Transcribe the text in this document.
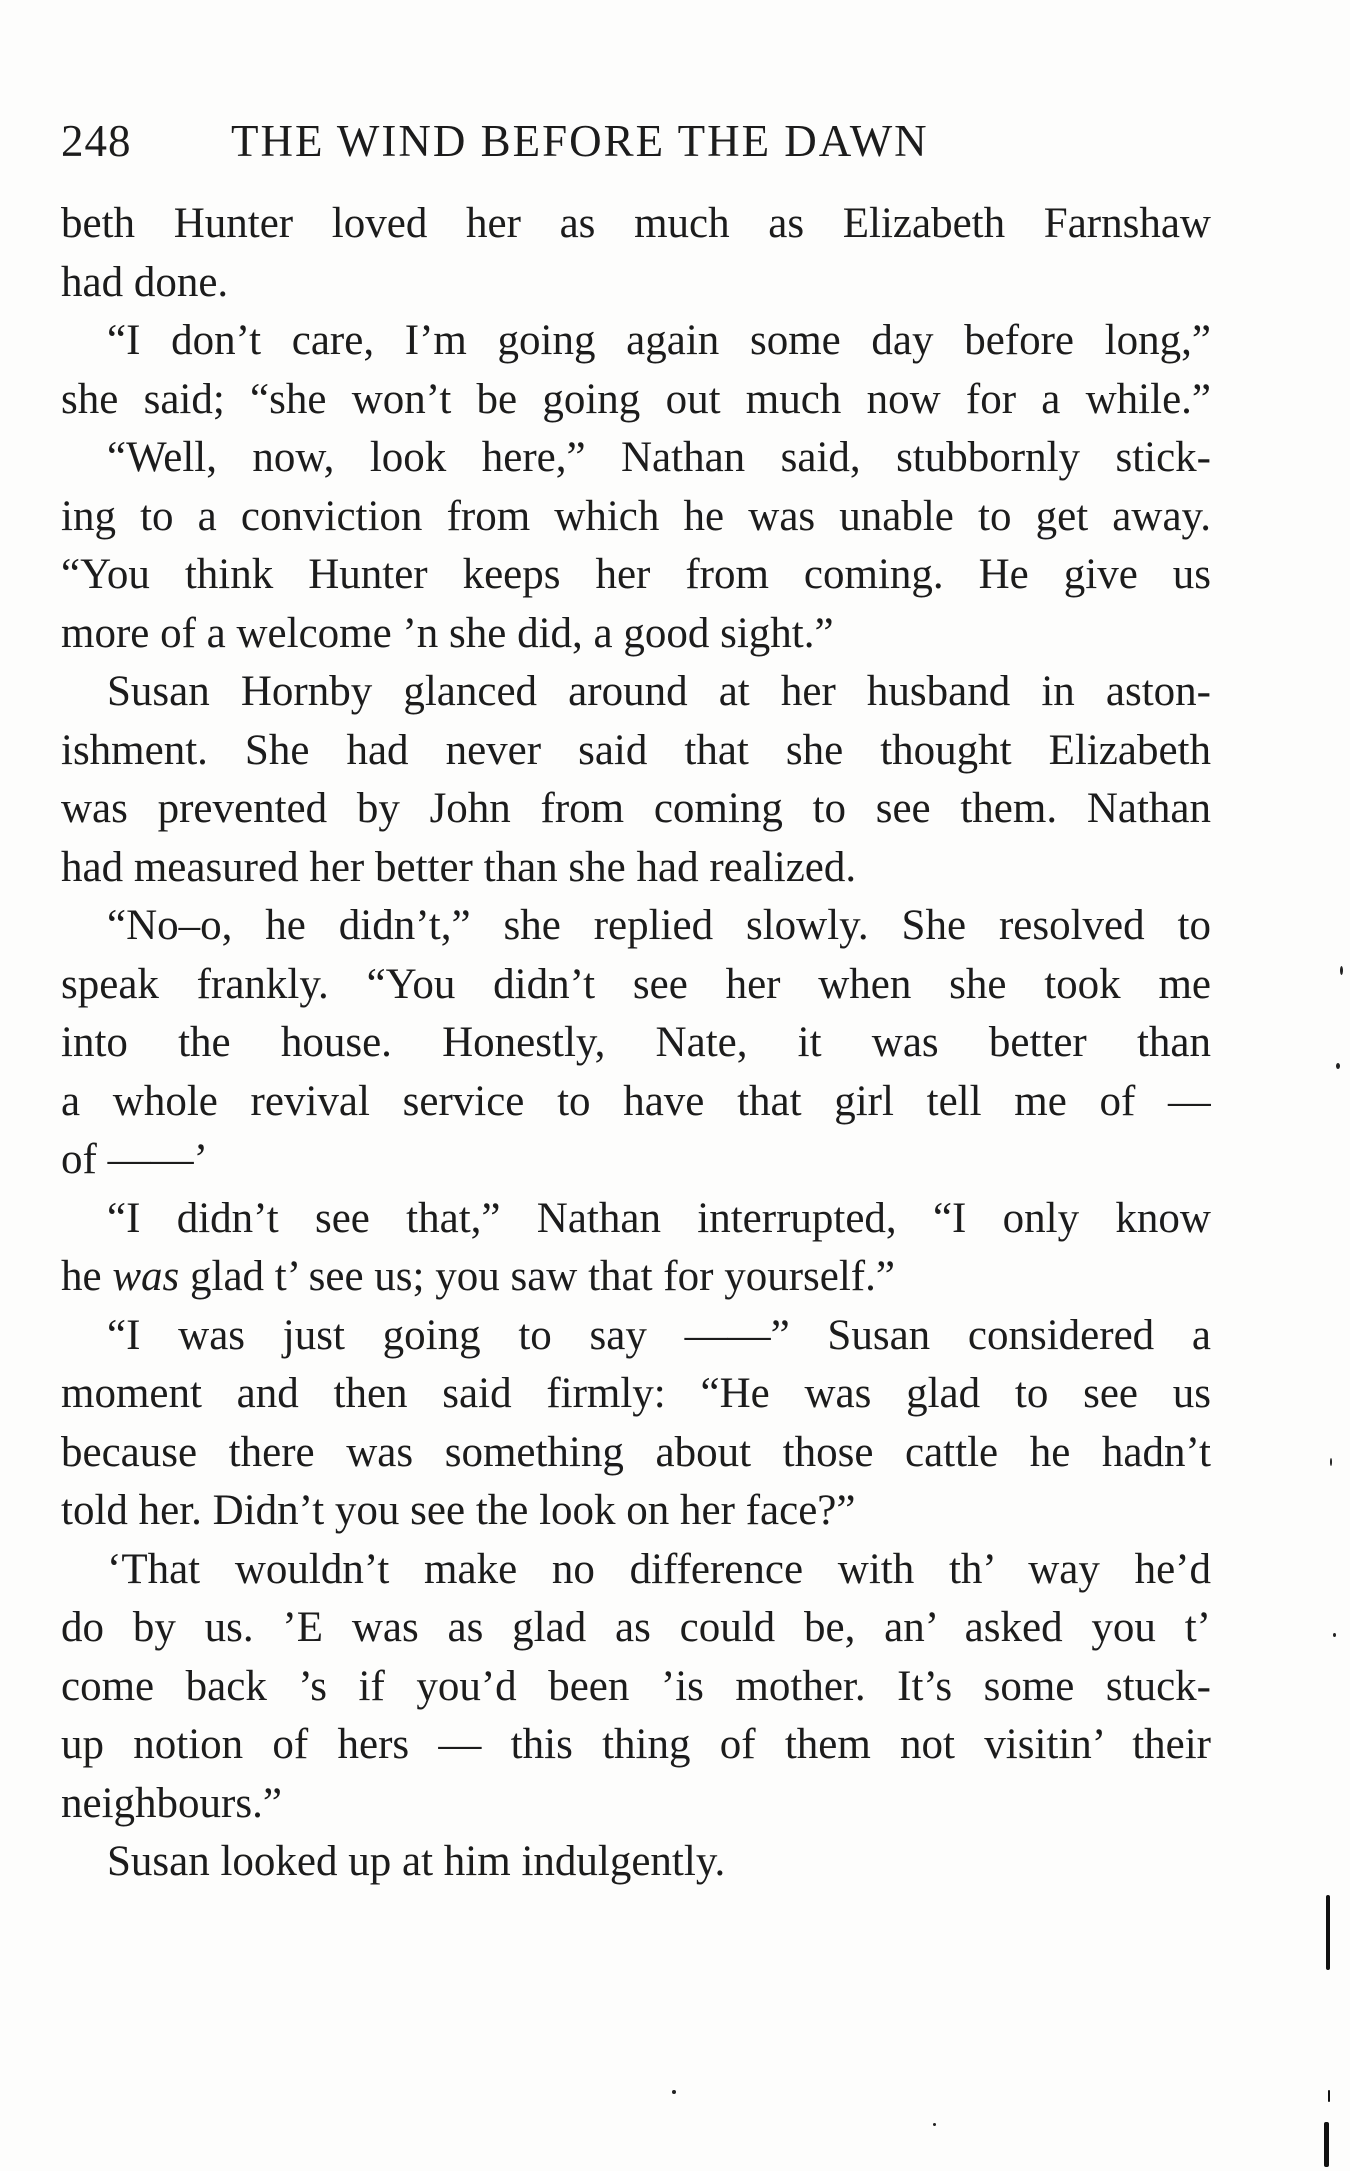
248 THE WIND BEFORE THE DAWN
beth Hunter loved her as much as Elizabeth Farnshaw
had done.
“I don’t care, I’m going again some day before long,”
she said; “she won’t be going out much now for a while.”
“Well, now, look here,” Nathan said, stubbornly stick-
ing to a conviction from which he was unable to get away.
“You think Hunter keeps her from coming. He give us
more of a welcome ’n she did, a good sight.”
Susan Hornby glanced around at her husband in aston-
ishment. She had never said that she thought Elizabeth
was prevented by John from coming to see them. Nathan
had measured her better than she had realized.
“No–o, he didn’t,” she replied slowly. She resolved to
speak frankly. “You didn’t see her when she took me
into the house. Honestly, Nate, it was better than
a whole revival service to have that girl tell me of —
of ——’
“I didn’t see that,” Nathan interrupted, “I only know
he was glad t’ see us; you saw that for yourself.”
“I was just going to say ——” Susan considered a
moment and then said firmly: “He was glad to see us
because there was something about those cattle he hadn’t
told her. Didn’t you see the look on her face?”
‘That wouldn’t make no difference with th’ way he’d
do by us. ’E was as glad as could be, an’ asked you t’
come back ’s if you’d been ’is mother. It’s some stuck-
up notion of hers — this thing of them not visitin’ their
neighbours.”
Susan looked up at him indulgently.
